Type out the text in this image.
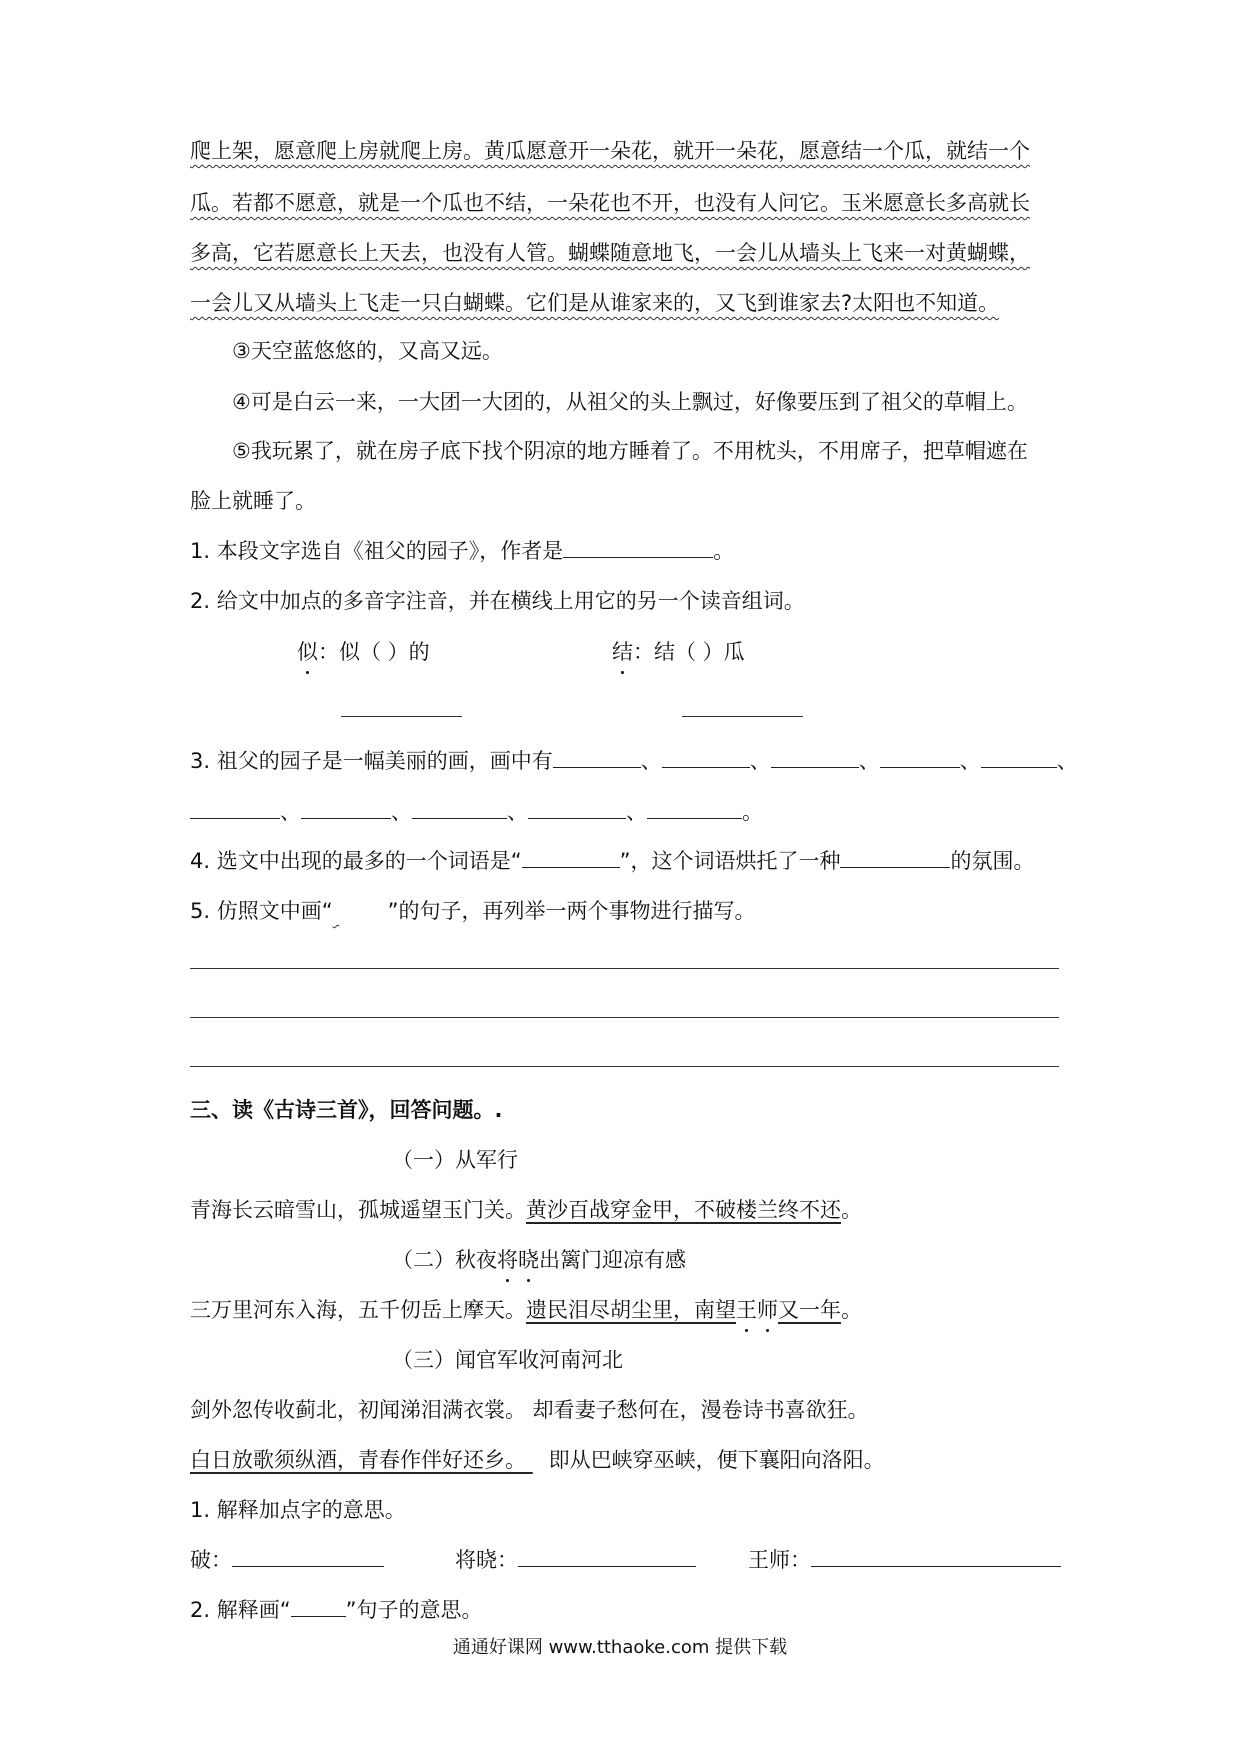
爬上架，愿意爬上房就爬上房。黄瓜愿意开一朵花，就开一朵花，愿意结一个瓜，就结一个
瓜。若都不愿意，就是一个瓜也不结，一朵花也不开，也没有人问它。玉米愿意长多高就长
多高，它若愿意长上天去，也没有人管。蝴蝶随意地飞，一会儿从墙头上飞来一对黄蝴蝶，
一会儿又从墙头上飞走一只白蝴蝶。它们是从谁家来的，又飞到谁家去?太阳也不知道。
③天空蓝悠悠的，又高又远。
④可是白云一来，一大团一大团的，从祖父的头上飘过，好像要压到了祖父的草帽上。
⑤我玩累了，就在房子底下找个阴凉的地方睡着了。不用枕头，不用席子，把草帽遮在
脸上就睡了。
1. 本段文字选自《祖父的园子》，作者是	。
2. 给文中加点的多音字注音，并在横线上用它的另一个读音组词。
似：似（ ）的	结：结（ ）瓜
3. 祖父的园子是一幅美丽的画，画中有	、	、	、	、	、
、	、	、	、	。
4. 选文中出现的最多的一个词语是“	”，这个词语烘托了一种	的氛围。
5. 仿照文中画“	”的句子，再列举一两个事物进行描写。
三、读《古诗三首》，回答问题。.
（一）从军行
青海长云暗雪山，孤城遥望玉门关。黄沙百战穿金甲，不破楼兰终不还。
（二）秋夜将晓出篱门迎凉有感
三万里河东入海，五千仞岳上摩天。遗民泪尽胡尘里，南望王师又一年。
（三）闻官军收河南河北
剑外忽传收蓟北，初闻涕泪满衣裳。 却看妻子愁何在，漫卷诗书喜欲狂。
白日放歌须纵酒，青春作伴好还乡。  即从巴峡穿巫峡，便下襄阳向洛阳。
1. 解释加点字的意思。
破：	将晓：	王师：
2. 解释画“	”句子的意思。
通通好课网 www.tthaoke.com 提供下载
